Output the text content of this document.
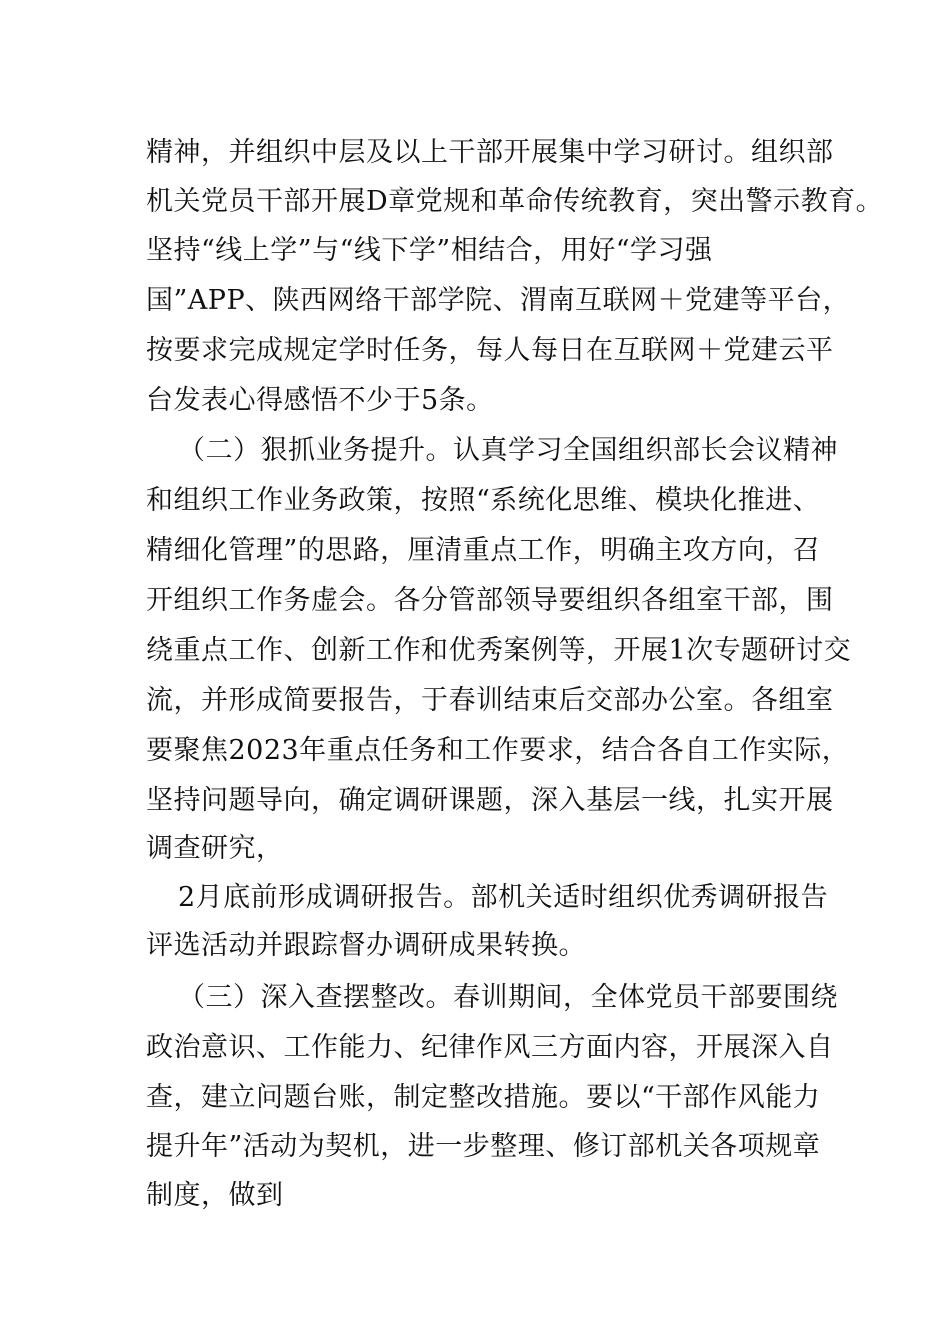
精神，并组织中层及以上干部开展集中学习研讨。组织部
机关党员干部开展D章党规和革命传统教育，突出警示教育。
坚持“线上学”与“线下学”相结合，用好“学习强
国”APP、陕西网络干部学院、渭南互联网＋党建等平台，
按要求完成规定学时任务，每人每日在互联网＋党建云平
台发表心得感悟不少于5条。
（二）狠抓业务提升。认真学习全国组织部长会议精神
和组织工作业务政策，按照“系统化思维、模块化推进、
精细化管理”的思路，厘清重点工作，明确主攻方向，召
开组织工作务虚会。各分管部领导要组织各组室干部，围
绕重点工作、创新工作和优秀案例等，开展1次专题研讨交
流，并形成简要报告，于春训结束后交部办公室。各组室
要聚焦2023年重点任务和工作要求，结合各自工作实际，
坚持问题导向，确定调研课题，深入基层一线，扎实开展
调查研究，
2月底前形成调研报告。部机关适时组织优秀调研报告
评选活动并跟踪督办调研成果转换。
（三）深入查摆整改。春训期间，全体党员干部要围绕
政治意识、工作能力、纪律作风三方面内容，开展深入自
查，建立问题台账，制定整改措施。要以“干部作风能力
提升年”活动为契机，进一步整理、修订部机关各项规章
制度，做到
